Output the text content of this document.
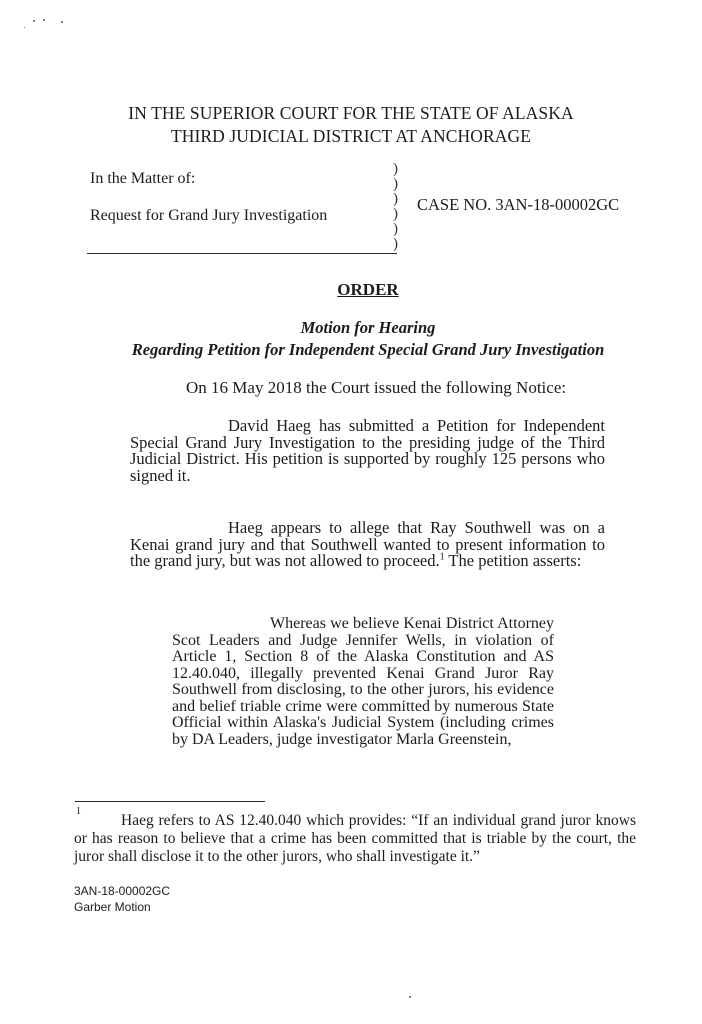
IN THE SUPERIOR COURT FOR THE STATE OF ALASKA
THIRD JUDICIAL DISTRICT AT ANCHORAGE
In the Matter of:
Request for Grand Jury Investigation
)
)
)
)
)
)
CASE NO. 3AN-18-00002GC
ORDER
Motion for Hearing
Regarding Petition for Independent Special Grand Jury Investigation
On 16 May 2018 the Court issued the following Notice:

David Haeg has submitted a Petition for Independent Special Grand Jury Investigation to the presiding judge of the Third Judicial District. His petition is supported by roughly 125 persons who signed it.

Haeg appears to allege that Ray Southwell was on a Kenai grand jury and that Southwell wanted to present information to the grand jury, but was not allowed to proceed.$^1$ The petition asserts:

Whereas we believe Kenai District Attorney Scot Leaders and Judge Jennifer Wells, in violation of Article 1, Section 8 of the Alaska Constitution and AS 12.40.040, illegally prevented Kenai Grand Juror Ray Southwell from disclosing, to the other jurors, his evidence and belief triable crime were committed by numerous State Official within Alaska's Judicial System (including crimes by DA Leaders, judge investigator Marla Greenstein,

1

Haeg refers to AS 12.40.040 which provides: “If an individual grand juror knows or has reason to believe that a crime has been committed that is triable by the court, the juror shall disclose it to the other jurors, who shall investigate it.”

3AN-18-00002GC
Garber Motion
